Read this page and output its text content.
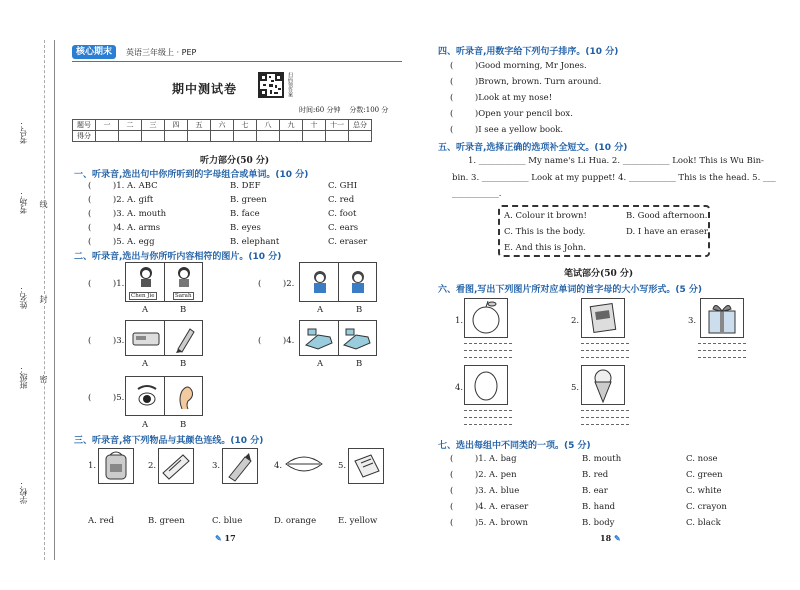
考号：
考场： 线
姓名： 封
班级： 密
学校：
核心期末	英语三年级上 · PEP
期中测试卷	扫码领答案
时间:60 分钟    分数:100 分
题号	一	二	三	四	五	六	七	八	九	十	十一	总分
得分												
听力部分(50 分)
一、听录音,选出句中你所听到的字母组合或单词。(10 分)
(        )1. A. ABC	B. DEF	C. GHI
(        )2. A. gift	B. green	C. red
(        )3. A. mouth	B. face	C. foot
(        )4. A. arms	B. eyes	C. ears
(        )5. A. egg	B. elephant	C. eraser
二、听录音,选出与你所听内容相符的图片。(10 分)
(        )1.
Chen Jie	Sarah
A	B
(        )2.
A	B
(        )3.
A	B
(        )4.
A	B
(        )5.
A	B
三、听录音,将下列物品与其颜色连线。(10 分)
1.	2.	3.	4.	5.
A. red	B. green	C. blue	D. orange	E. yellow
✎ 17
四、听录音,用数字给下列句子排序。(10 分)
(        )Good morning, Mr Jones.
(        )Brown, brown. Turn around.
(        )Look at my nose!
(        )Open your pencil box.
(        )I see a yellow book.
五、听录音,选择正确的选项补全短文。(10 分)
1. ___________ My name's Li Hua. 2. ___________ Look! This is Wu Bin-
bin. 3. ___________ Look at my puppet! 4. ___________ This is the head. 5. ___
___________.
A. Colour it brown!	B. Good afternoon.
C. This is the body.	D. I have an eraser.
E. And this is John.
笔试部分(50 分)
六、看图,写出下列图片所对应单词的首字母的大小写形式。(5 分)
1.	2.	3.
4.	5.
七、选出每组中不同类的一项。(5 分)
(        )1. A. bag	B. mouth	C. nose
(        )2. A. pen	B. red	C. green
(        )3. A. blue	B. ear	C. white
(        )4. A. eraser	B. hand	C. crayon
(        )5. A. brown	B. body	C. black
18 ✎
